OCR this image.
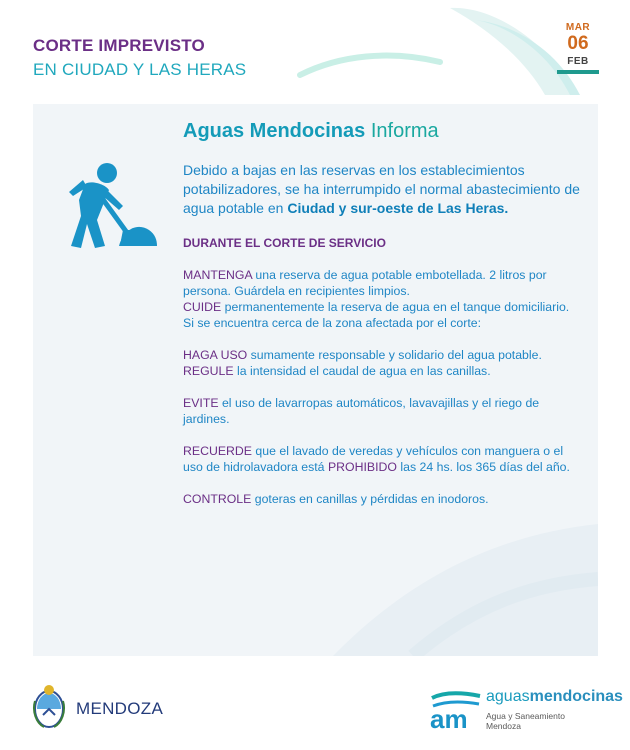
CORTE IMPREVISTO
EN CIUDAD Y LAS HERAS
MAR
06
FEB
Aguas Mendocinas Informa

Debido a bajas en las reservas en los establecimientos potabilizadores, se ha interrumpido el normal abastecimiento de agua potable en Ciudad y sur-oeste de Las Heras.

DURANTE EL CORTE DE SERVICIO

MANTENGA una reserva de agua potable embotellada. 2 litros por persona. Guárdela en recipientes limpios.

CUIDE permanentemente la reserva de agua en el tanque domiciliario.

Si se encuentra cerca de la zona afectada por el corte:

HAGA USO sumamente responsable y solidario del agua potable.

REGULE la intensidad el caudal de agua en las canillas.

EVITE el uso de lavarropas automáticos, lavavajillas y el riego de jardines.

RECUERDE que el lavado de veredas y vehículos con manguera o el uso de hidrolavadora está PROHIBIDO las 24 hs. los 365 días del año.

CONTROLE goteras en canillas y pérdidas en inodoros.

MENDOZA	am
aguasmendocinas
Agua y Saneamiento Mendoza
